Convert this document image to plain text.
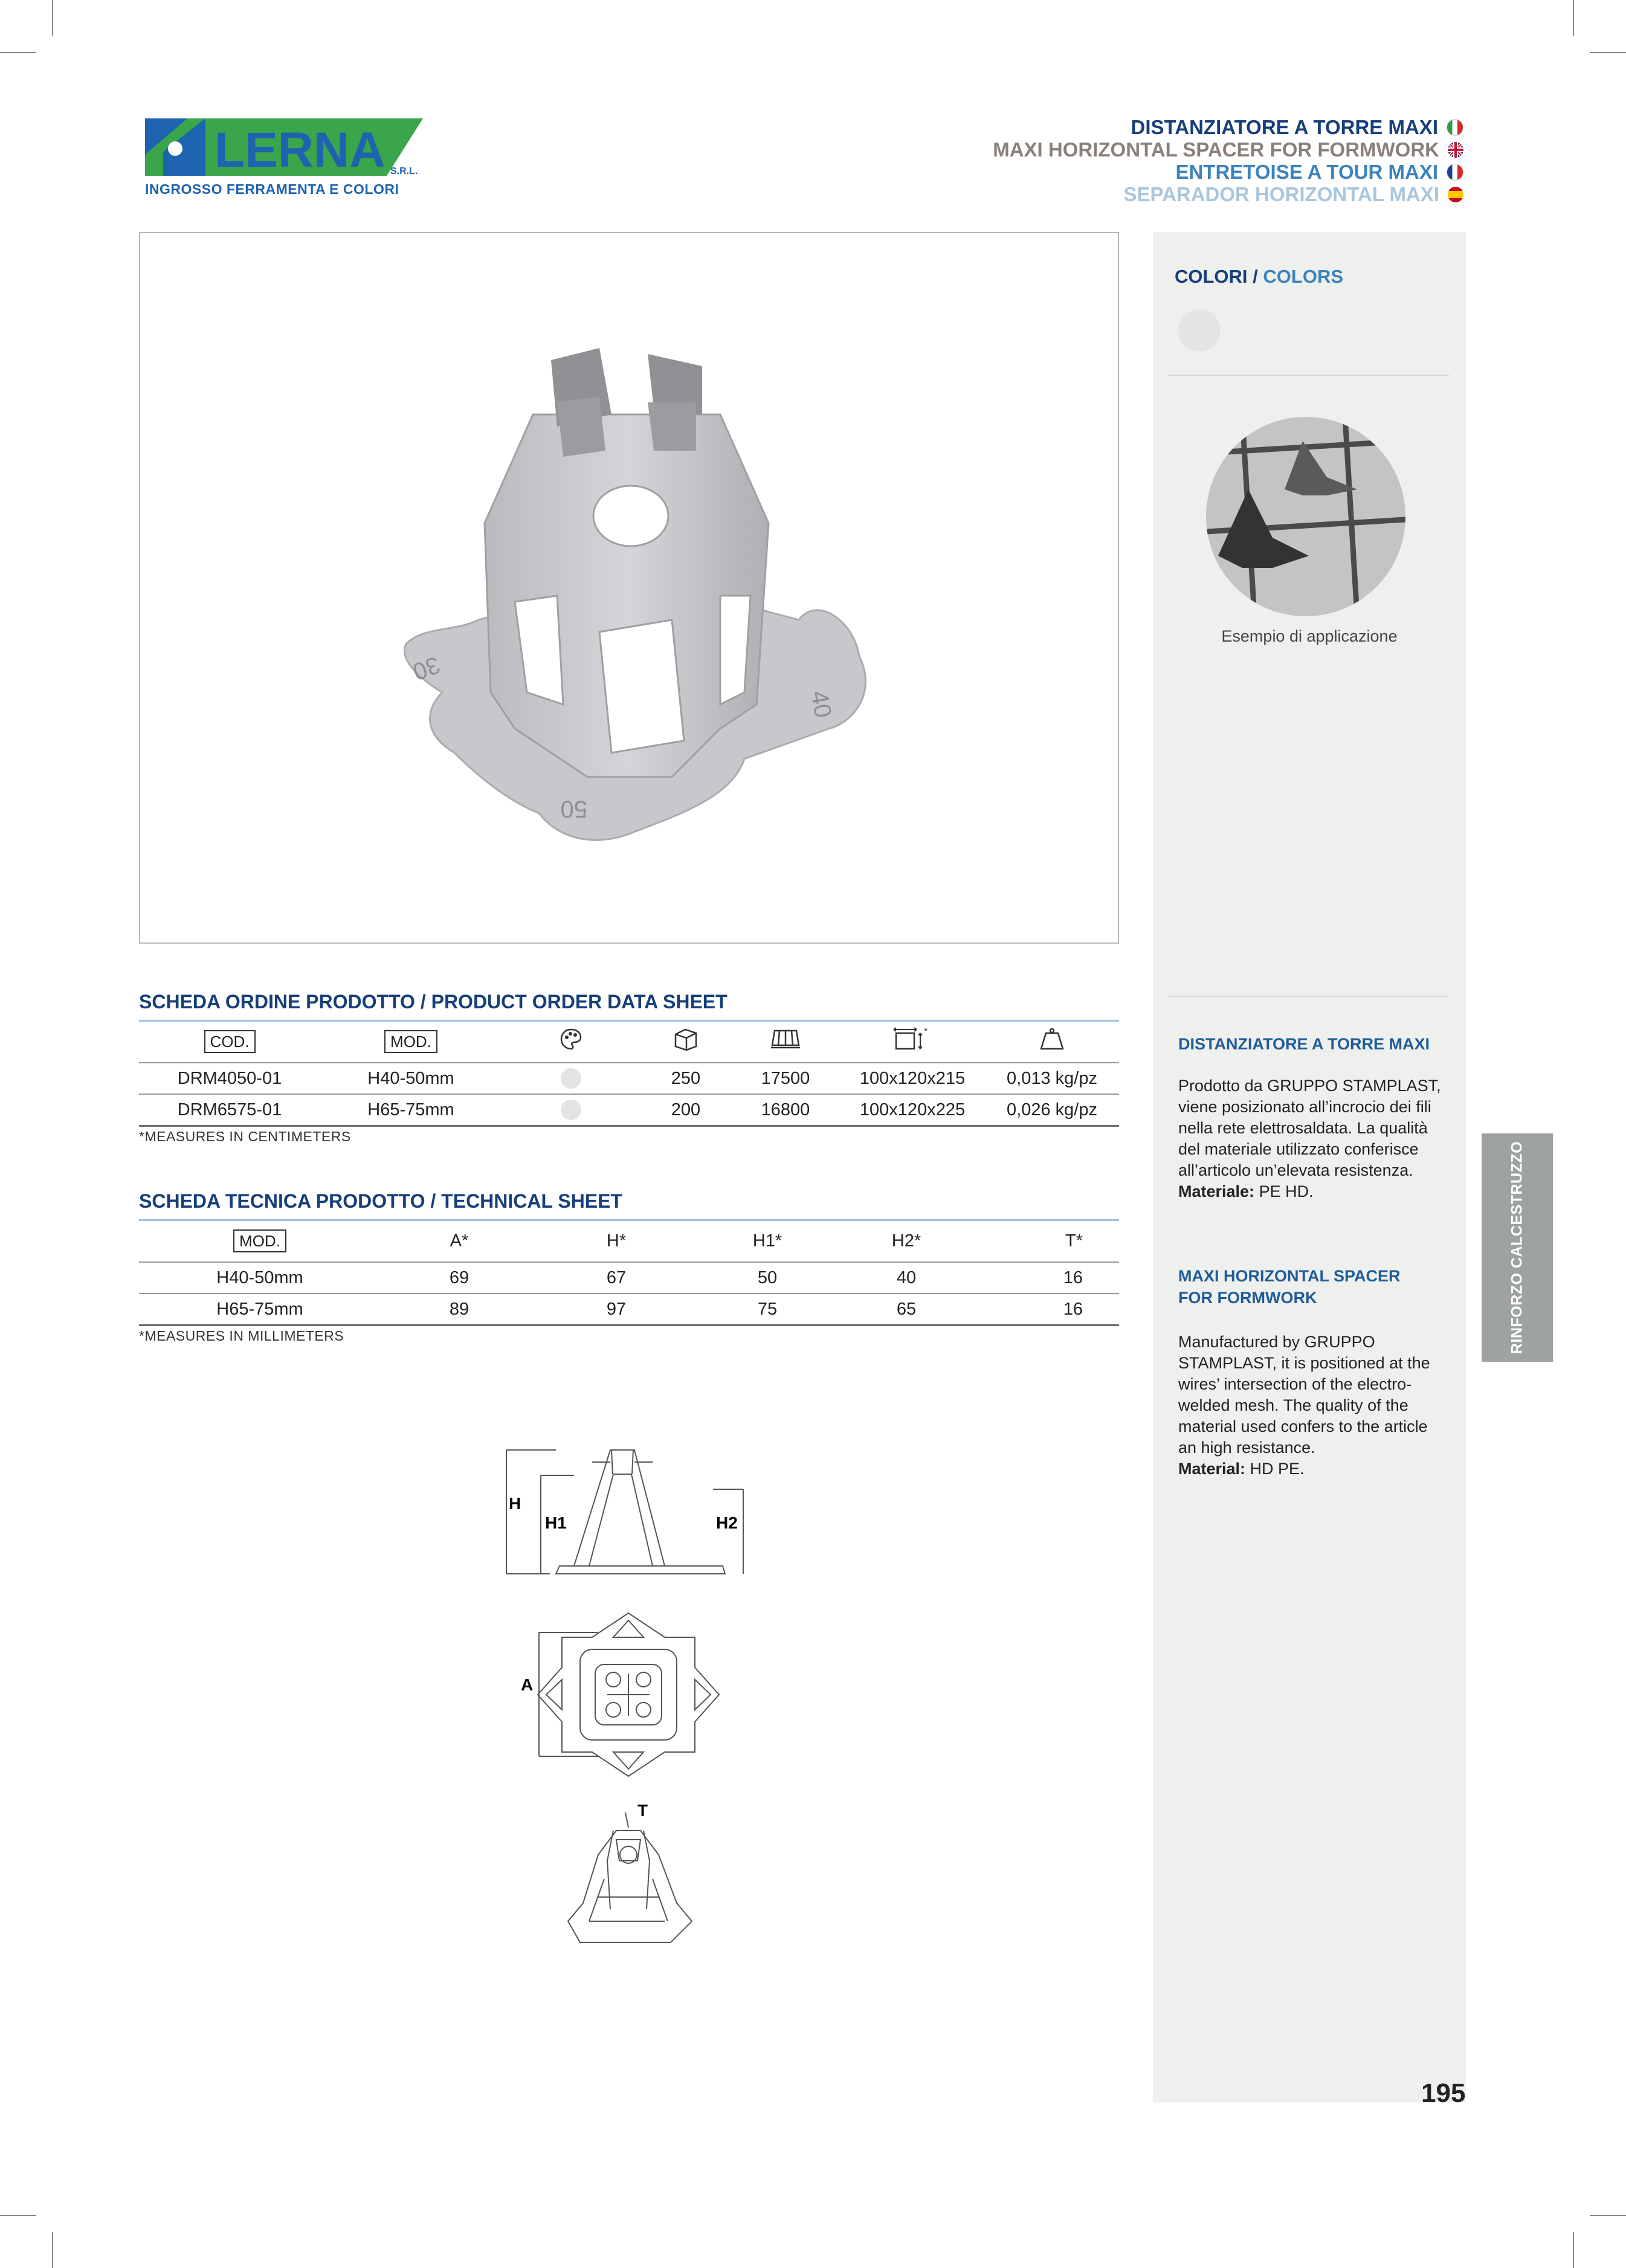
LERNA S.R.L.
INGROSSO FERRAMENTA E COLORI
DISTANZIATORE A TORRE MAXI
MAXI HORIZONTAL SPACER FOR FORMWORK
ENTRETOISE A TOUR MAXI
SEPARADOR HORIZONTAL MAXI
30
40
50
COLORI / COLORS
Esempio di applicazione
DISTANZIATORE A TORRE MAXI
Prodotto da GRUPPO STAMPLAST, viene posizionato all’incrocio dei fili nella rete elettrosaldata. La qualità del materiale utilizzato conferisce all’articolo un’elevata resistenza.
Materiale: PE HD.
MAXI HORIZONTAL SPACER
FOR FORMWORK
Manufactured by GRUPPO STAMPLAST, it is positioned at the wires’ intersection of the electro-welded mesh. The quality of the material used confers to the article an high resistance.
Material: HD PE.
RINFORZO CALCESTRUZZO
SCHEDA ORDINE PRODOTTO / PRODUCT ORDER DATA SHEET
COD.	MOD.				*

DRM4050-01	H40-50mm		250	17500	100x120x215	0,013 kg/pz
DRM6575-01	H65-75mm		200	16800	100x120x225	0,026 kg/pz
*MEASURES IN CENTIMETERS
SCHEDA TECNICA PRODOTTO / TECHNICAL SHEET
MOD.	A*	H*	H1*	H2*	T*
H40-50mm	69	67	50	40	16
H65-75mm	89	97	75	65	16
*MEASURES IN MILLIMETERS
H
H1	H2
A
T
195
